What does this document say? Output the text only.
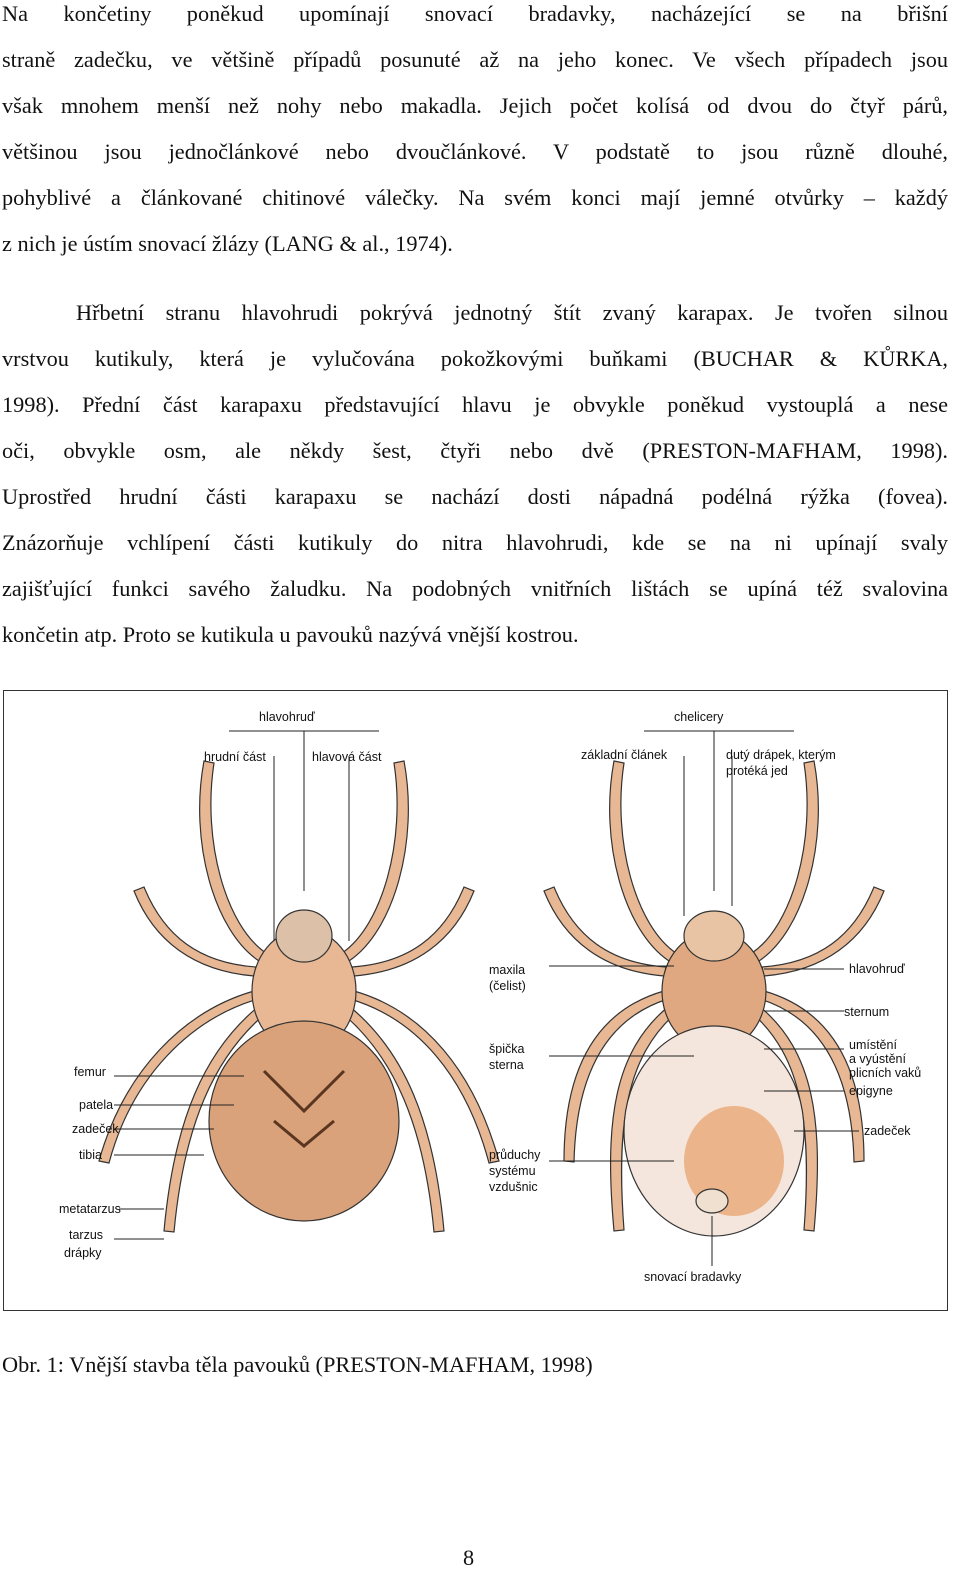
Na končetiny poněkud upomínají snovací bradavky, nacházející se na břišní
straně zadečku, ve většině případů posunuté až na jeho konec. Ve všech případech jsou
však mnohem menší než nohy nebo makadla. Jejich počet kolísá od dvou do čtyř párů,
většinou jsou jednočlánkové nebo dvoučlánkové. V podstatě to jsou různě dlouhé,
pohyblivé a článkované chitinové válečky. Na svém konci mají jemné otvůrky – každý
z nich je ústím snovací žlázy (LANG & al., 1974).
Hřbetní stranu hlavohrudi pokrývá jednotný štít zvaný karapax. Je tvořen silnou
vrstvou kutikuly, která je vylučována pokožkovými buňkami (BUCHAR & KŮRKA,
1998). Přední část karapaxu představující hlavu je obvykle poněkud vystouplá a nese
oči, obvykle osm, ale někdy šest, čtyři nebo dvě (PRESTON-MAFHAM, 1998).
Uprostřed hrudní části karapaxu se nachází dosti nápadná podélná rýžka (fovea).
Znázorňuje vchlípení části kutikuly do nitra hlavohrudi, kde se na ni upínají svaly
zajišťující funkci savého žaludku. Na podobných vnitřních lištách se upíná též svalovina
končetin atp. Proto se kutikula u pavouků nazývá vnější kostrou.
hlavohruď
hrudní část	hlavová část
femur
patela
zadeček
tibia
metatarzus
tarzus
drápky
chelicery
základní článek	dutý drápek, kterým
protéká jed
maxila
(čelist)
hlavohruď
sternum
špička
sterna
umístění
a vyústění
plicních vaků
epigyne
zadeček
průduchy
systému
vzdušnic
snovací bradavky

Obr. 1: Vnější stavba těla pavouků (PRESTON-MAFHAM, 1998)

8
